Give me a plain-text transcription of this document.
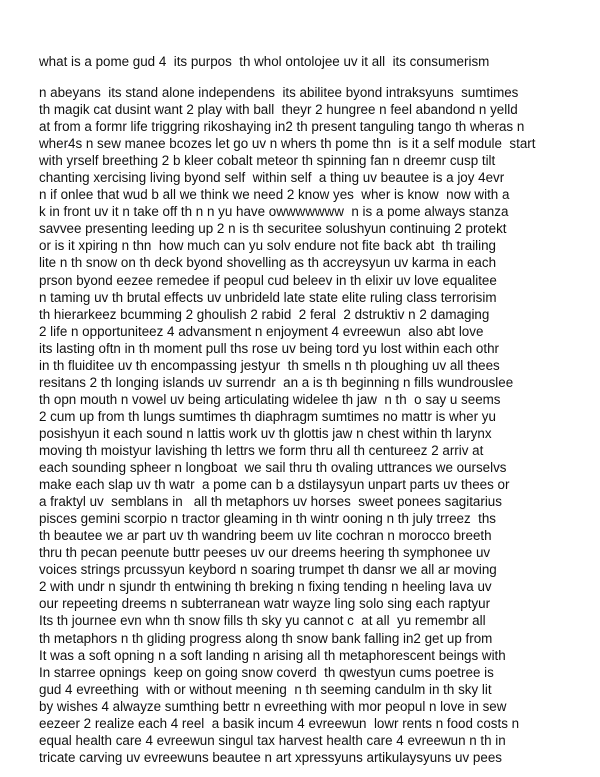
what is a pome gud 4  its purpos  th whol ontolojee uv it all  its consumerism
n abeyans  its stand alone independens  its abilitee byond intraksyuns  sumtimes
th magik cat dusint want 2 play with ball  theyr 2 hungree n feel abandond n yelld
at from a formr life triggring rikoshaying in2 th present tanguling tango th wheras n
wher4s n sew manee bcozes let go uv n whers th pome thn  is it a self module  start
with yrself breething 2 b kleer cobalt meteor th spinning fan n dreemr cusp tilt
chanting xercising living byond self  within self  a thing uv beautee is a joy 4evr
n if onlee that wud b all we think we need 2 know yes  wher is know  now with a
k in front uv it n take off th n n yu have owwwwwww  n is a pome always stanza
savvee presenting leeding up 2 n is th securitee solushyun continuing 2 protekt
or is it xpiring n thn  how much can yu solv endure not fite back abt  th trailing
lite n th snow on th deck byond shovelling as th accreysyun uv karma in each
prson byond eezee remedee if peopul cud beleev in th elixir uv love equalitee
n taming uv th brutal effects uv unbrideld late state elite ruling class terrorisim
th hierarkeez bcumming 2 ghoulish 2 rabid  2 feral  2 dstruktiv n 2 damaging
2 life n opportuniteez 4 advansment n enjoyment 4 evreewun  also abt love
its lasting oftn in th moment pull ths rose uv being tord yu lost within each othr
in th fluiditee uv th encompassing jestyur  th smells n th ploughing uv all thees
resitans 2 th longing islands uv surrendr  an a is th beginning n fills wundrouslee
th opn mouth n vowel uv being articulating widelee th jaw  n th  o say u seems
2 cum up from th lungs sumtimes th diaphragm sumtimes no mattr is wher yu
posishyun it each sound n lattis work uv th glottis jaw n chest within th larynx
moving th moistyur lavishing th lettrs we form thru all th centureez 2 arriv at
each sounding spheer n longboat  we sail thru th ovaling uttrances we ourselvs
make each slap uv th watr  a pome can b a dstilaysyun unpart parts uv thees or
a fraktyl uv  semblans in   all th metaphors uv horses  sweet ponees sagitarius
pisces gemini scorpio n tractor gleaming in th wintr ooning n th july trreez  ths
th beautee we ar part uv th wandring beem uv lite cochran n morocco breeth
thru th pecan peenute buttr peeses uv our dreems heering th symphonee uv
voices strings prcussyun keybord n soaring trumpet th dansr we all ar moving
2 with undr n sjundr th entwining th breking n fixing tending n heeling lava uv
our repeeting dreems n subterranean watr wayze ling solo sing each raptyur
Its th journee evn whn th snow fills th sky yu cannot c  at all  yu remembr all
th metaphors n th gliding progress along th snow bank falling in2 get up from
It was a soft opning n a soft landing n arising all th metaphorescent beings with
In starree opnings  keep on going snow coverd  th qwestyun cums poetree is
gud 4 evreething  with or without meening  n th seeming candulm in th sky lit
by wishes 4 alwayze sumthing bettr n evreething with mor peopul n love in sew
eezeer 2 realize each 4 reel  a basik incum 4 evreewun  lowr rents n food costs n
equal health care 4 evreewun singul tax harvest health care 4 evreewun n th in
tricate carving uv evreewuns beautee n art xpressyuns artikulaysyuns uv pees
